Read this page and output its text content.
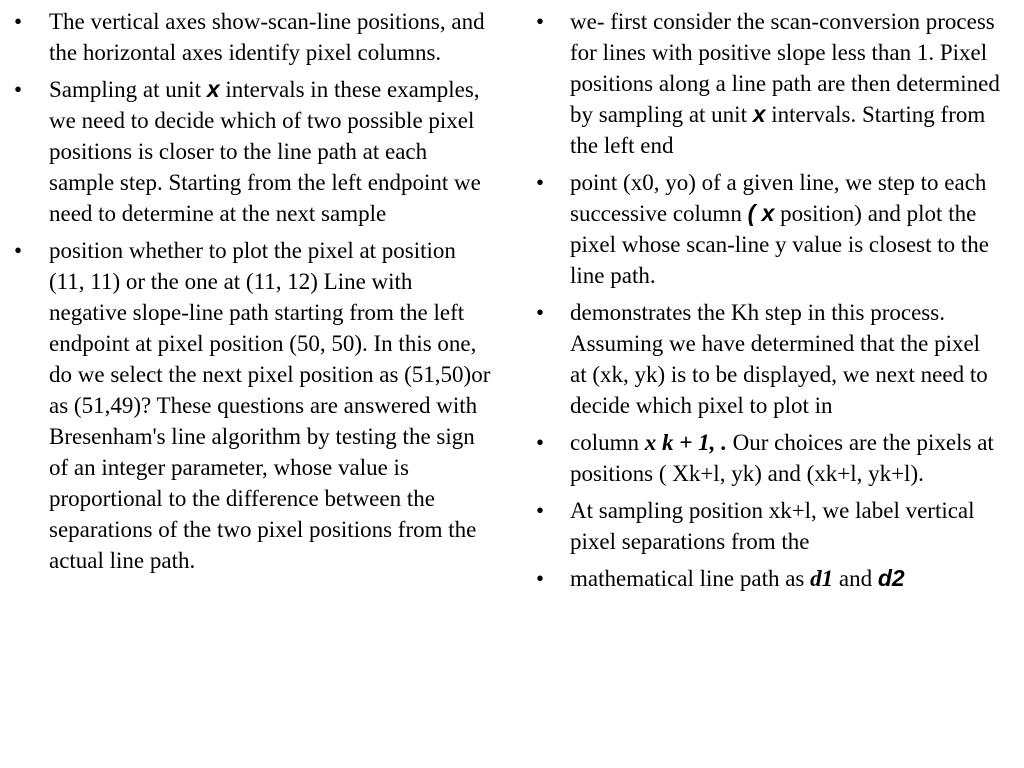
• The vertical axes show-scan-line positions, and the horizontal axes identify pixel columns.
• Sampling at unit x intervals in these examples, we need to decide which of two possible pixel positions is closer to the line path at each sample step. Starting from the left endpoint we need to determine at the next sample
• position whether to plot the pixel at position (11, 11) or the one at (11, 12) Line with negative slope-line path starting from the left endpoint at pixel position (50, 50). In this one, do we select the next pixel position as (51,50)or as (51,49)? These questions are answered with Bresenham's line algorithm by testing the sign of an integer parameter, whose value is proportional to the difference between the separations of the two pixel positions from the actual line path.
• we- first consider the scan-conversion process for lines with positive slope less than 1. Pixel positions along a line path are then determined by sampling at unit x intervals. Starting from the left end
• point (x0, yo) of a given line, we step to each successive column ( x position) and plot the pixel whose scan-line y value is closest to the line path.
• demonstrates the Kh step in this process. Assuming we have determined that the pixel at (xk, yk) is to be displayed, we next need to decide which pixel to plot in
• column x k + 1, . Our choices are the pixels at positions ( Xk+l, yk) and (xk+l, yk+l).
• At sampling position xk+l, we label vertical pixel separations from the
• mathematical line path as d1 and d2
